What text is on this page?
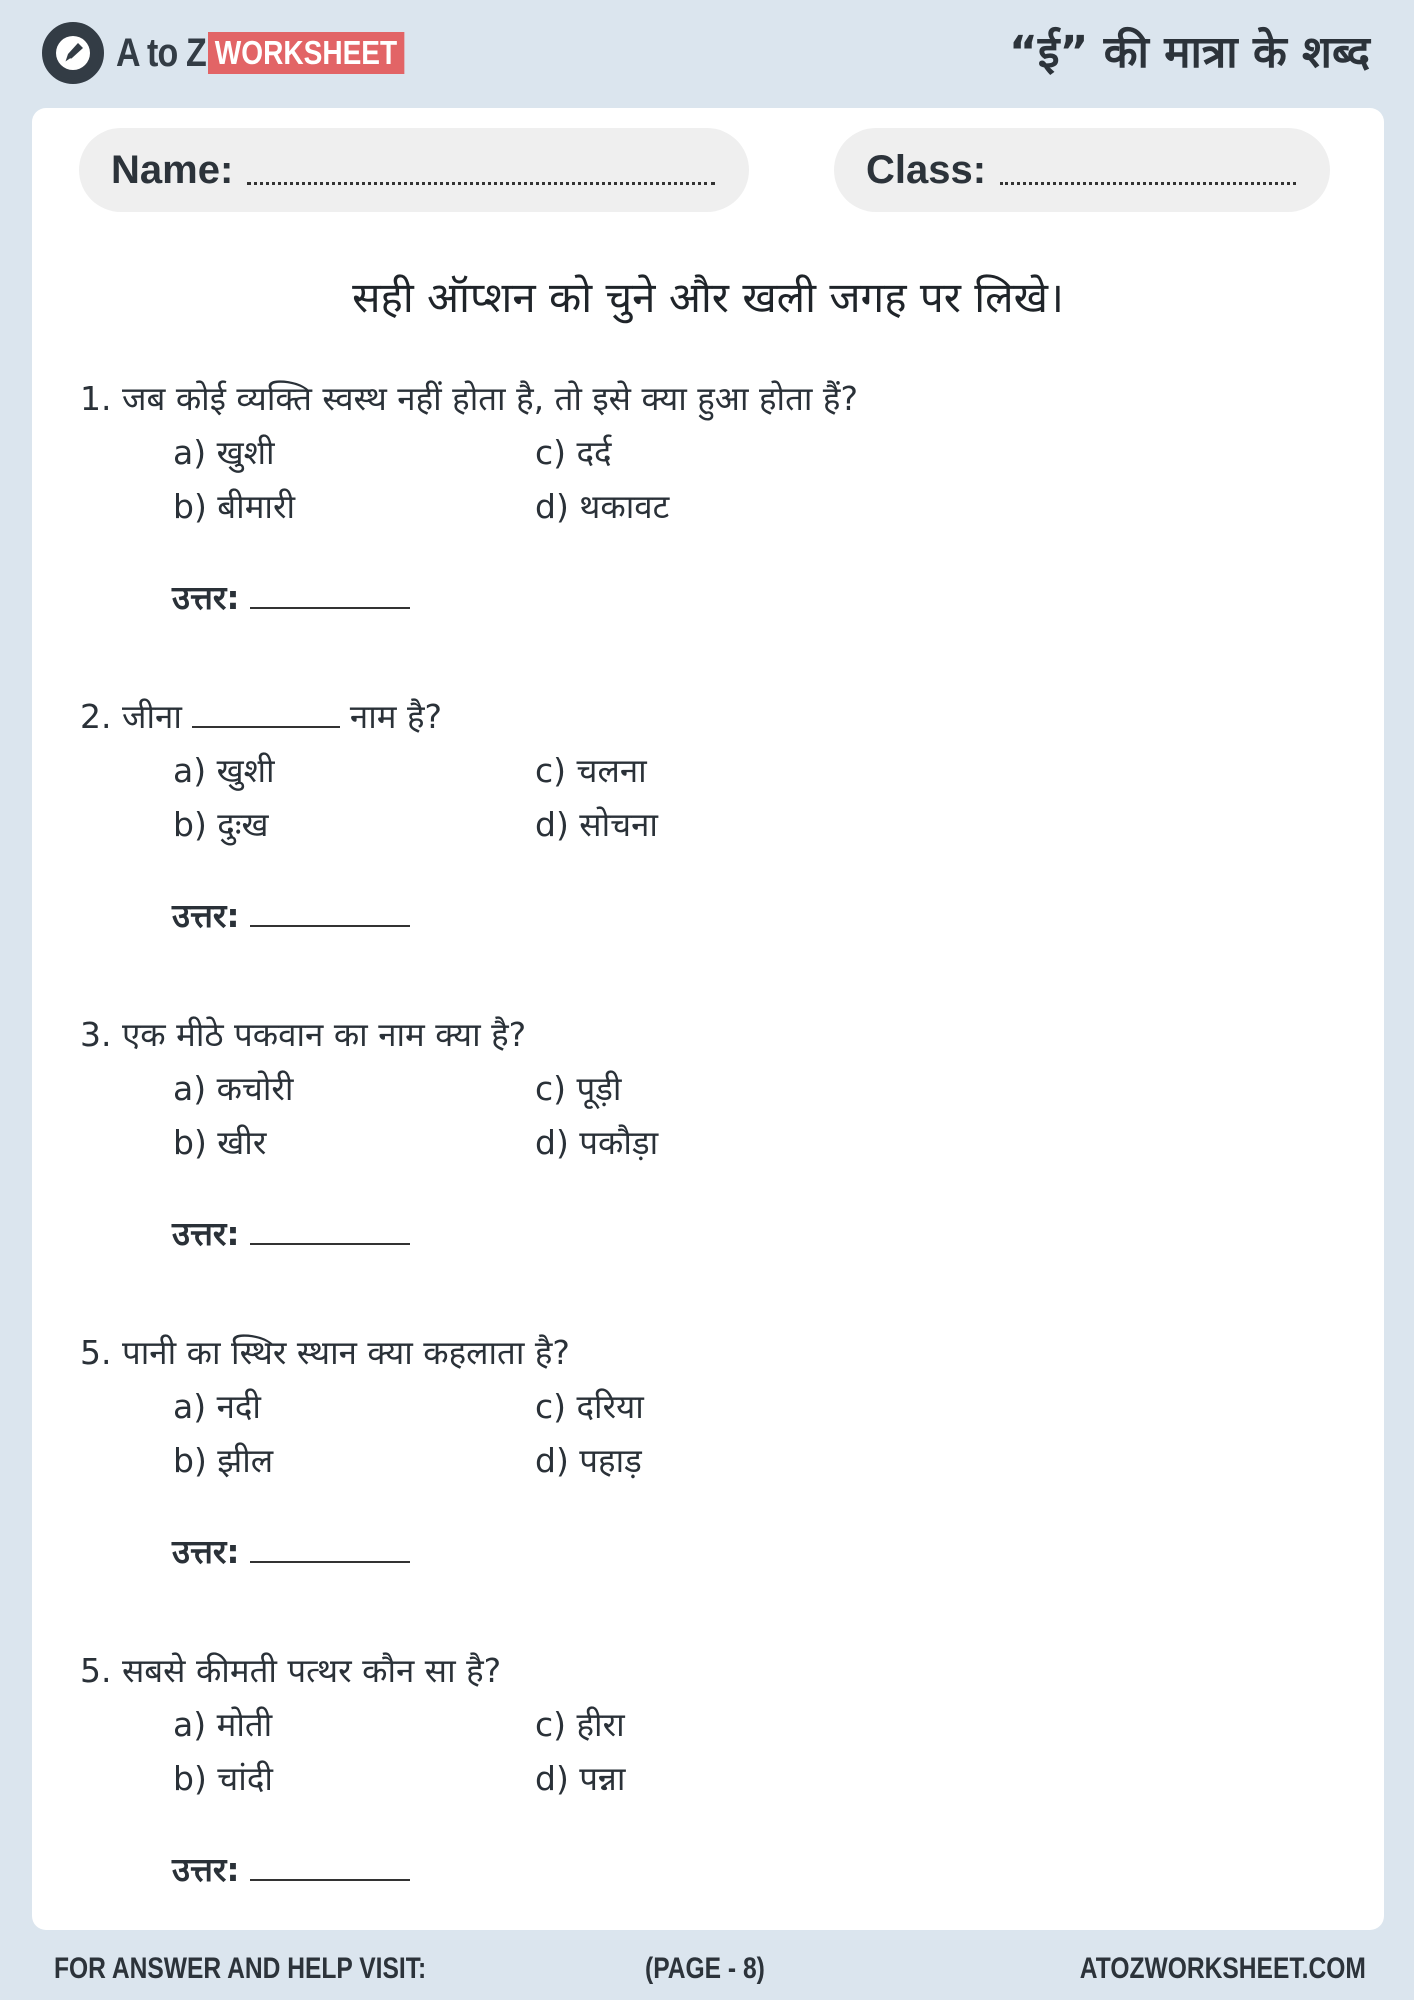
A to Z WORKSHEET	“ई” की मात्रा के शब्द
Name:	Class:
सही ऑप्शन को चुने और खली जगह पर लिखे।
1. जब कोई व्यक्ति स्वस्थ नहीं होता है, तो इसे क्या हुआ होता हैं?
a) खुशी
b) बीमारी
c) दर्द
d) थकावट
उत्तर:
2. जीना	नाम है?
a) खुशी
b) दुःख
c) चलना
d) सोचना
उत्तर:
3. एक मीठे पकवान का नाम क्या है?
a) कचोरी
b) खीर
c) पूड़ी
d) पकौड़ा
उत्तर:
5. पानी का स्थिर स्थान क्या कहलाता है?
a) नदी
b) झील
c) दरिया
d) पहाड़
उत्तर:
5. सबसे कीमती पत्थर कौन सा है?
a) मोती
b) चांदी
c) हीरा
d) पन्ना
उत्तर:
FOR ANSWER AND HELP VISIT:	(PAGE - 8)	ATOZWORKSHEET.COM
